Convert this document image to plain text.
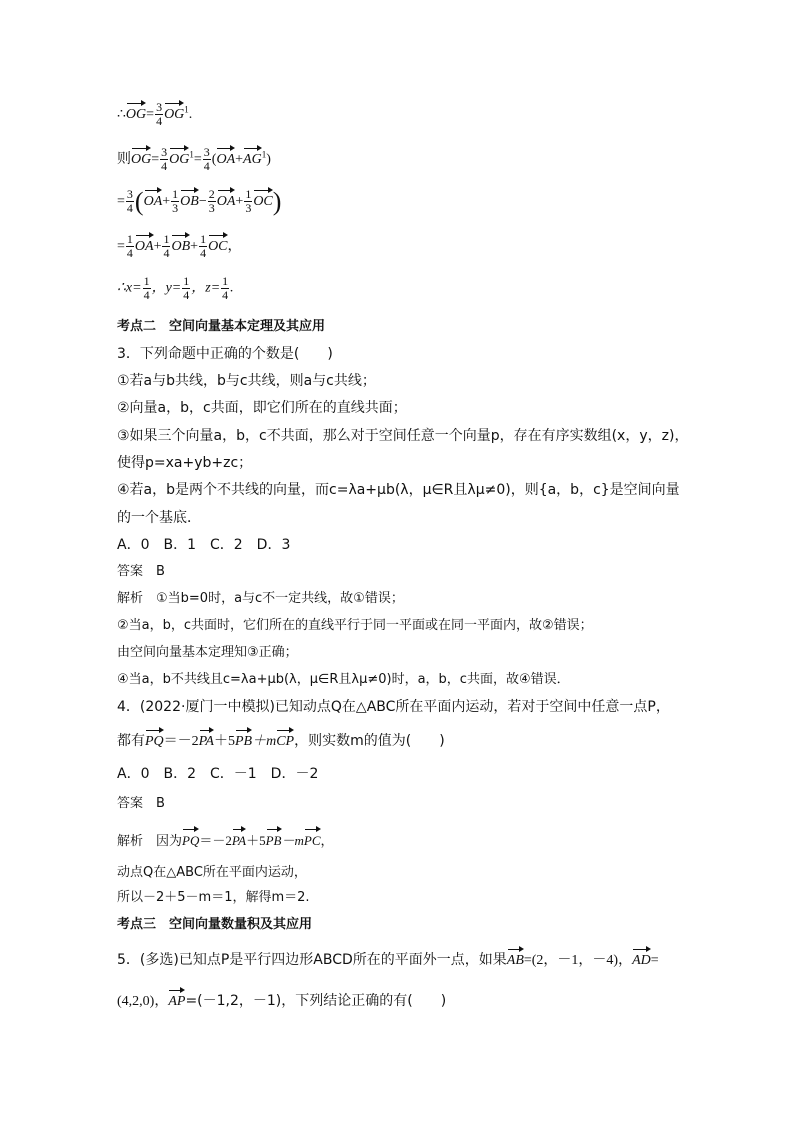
∴OG= $\frac{3}{4} OG^1$.
则$OG= \frac{3}{4} OG^1= \frac{3}{4} (OA+AG^1)$
= $\frac{3}{4} (OA+ \frac{1}{3} OB- \frac{2}{3} OA+ \frac{1}{3} OC)$
= $\frac{1}{4} OA+ \frac{1}{4} OB+ \frac{1}{4}$ OC，
∴x= $\frac{1}{4}$ ，$y= \frac{1}{4}$ ，$z= \frac{1}{4}$ .
考点二　空间向量基本定理及其应用
3．下列命题中正确的个数是(　　)
①若a与b共线，b与c共线，则a与c共线；
②向量a，b，c共面，即它们所在的直线共面；
③如果三个向量a，b，c不共面，那么对于空间任意一个向量p，存在有序实数组(x，y，z)，
使得p=xa+yb+zc；
④若a，b是两个不共线的向量，而c=λa+μb(λ，μ∈R且λμ≠0)，则{a，b，c}是空间向量
的一个基底．
A．0　B．1　C．2　D．3
答案　B
解析　①当b=0时，a与c不一定共线，故①错误；
②当a，b，c共面时，它们所在的直线平行于同一平面或在同一平面内，故②错误；
由空间向量基本定理知③正确；
④当a，b不共线且c=λa+μb(λ，μ∈R且λμ≠0)时，a，b，c共面，故④错误．
4．(2022·厦门一中模拟)已知动点Q在△ABC所在平面内运动，若对于空间中任意一点P，
都有PQ＝－2PA＋5PB＋mCP，则实数m的值为(　　)
A．0　B．2　C．－1　D．－2
答案　B
解析　因为PQ＝－2PA＋5PB－mPC，
动点Q在△ABC所在平面内运动，
所以－2＋5－m＝1，解得m＝2.
考点三　空间向量数量积及其应用
5．(多选)已知点P是平行四边形ABCD所在的平面外一点，如果AB=(2，－1，－4)，AD=
(4,2,0)，AP=(－1,2，－1)，下列结论正确的有(　　)
